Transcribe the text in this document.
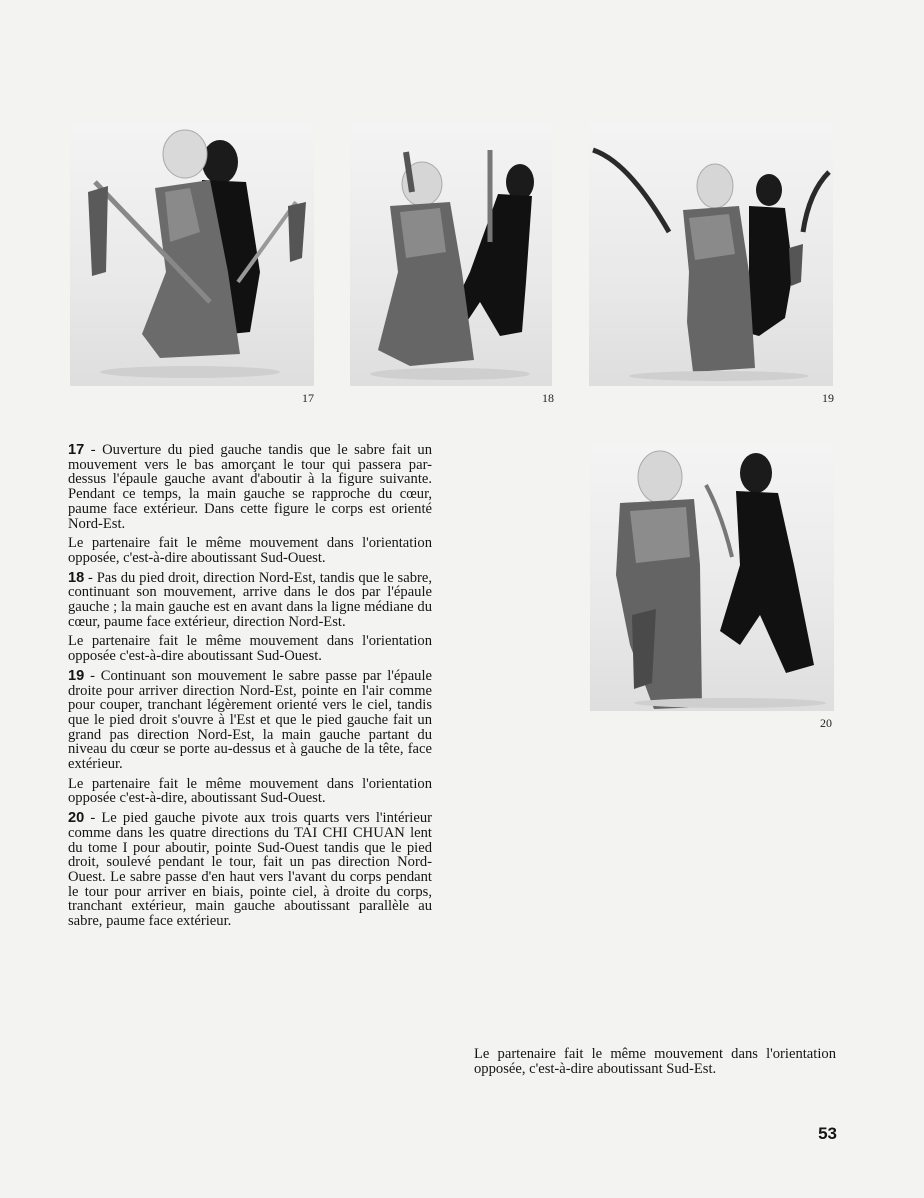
17	18	19
20

17 - Ouverture du pied gauche tandis que le sabre fait un mouvement vers le bas amorçant le tour qui passera par-dessus l'épaule gauche avant d'aboutir à la figure suivante. Pendant ce temps, la main gauche se rapproche du cœur, paume face extérieur. Dans cette figure le corps est orienté Nord-Est.

Le partenaire fait le même mouvement dans l'orientation opposée, c'est-à-dire aboutissant Sud-Ouest.

18 - Pas du pied droit, direction Nord-Est, tandis que le sabre, continuant son mouvement, arrive dans le dos par l'épaule gauche ; la main gauche est en avant dans la ligne médiane du cœur, paume face extérieur, direction Nord-Est.

Le partenaire fait le même mouvement dans l'orientation opposée c'est-à-dire aboutissant Sud-Ouest.

19 - Continuant son mouvement le sabre passe par l'épaule droite pour arriver direction Nord-Est, pointe en l'air comme pour couper, tranchant légèrement orienté vers le ciel, tandis que le pied droit s'ouvre à l'Est et que le pied gauche fait un grand pas direction Nord-Est, la main gauche partant du niveau du cœur se porte au-dessus et à gauche de la tête, face extérieur.

Le partenaire fait le même mouvement dans l'orientation opposée c'est-à-dire, aboutissant Sud-Ouest.

20 - Le pied gauche pivote aux trois quarts vers l'intérieur comme dans les quatre directions du TAI CHI CHUAN lent du tome I pour aboutir, pointe Sud-Ouest tandis que le pied droit, soulevé pendant le tour, fait un pas direction Nord-Ouest. Le sabre passe d'en haut vers l'avant du corps pendant le tour pour arriver en biais, pointe ciel, à droite du corps, tranchant extérieur, main gauche aboutissant parallèle au sabre, paume face extérieur.

Le partenaire fait le même mouvement dans l'orientation opposée, c'est-à-dire aboutissant Sud-Est.
53
